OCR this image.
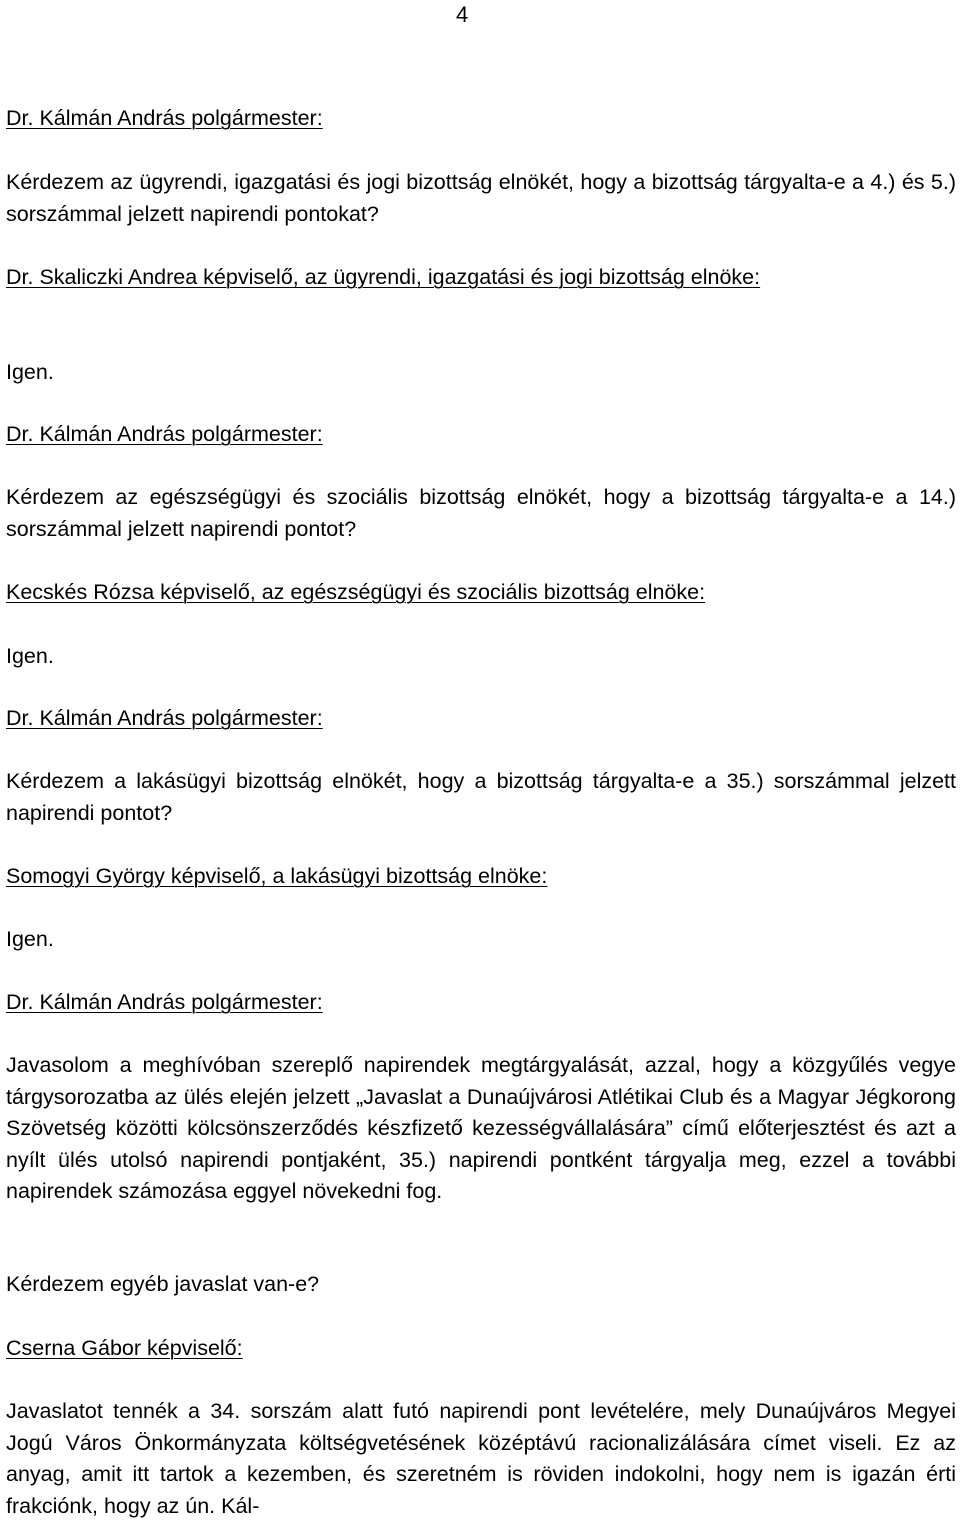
4

Dr. Kálmán András polgármester:

Kérdezem az ügyrendi, igazgatási és jogi bizottság elnökét, hogy a bizottság tárgyalta-e a 4.) és 5.) sorszámmal jelzett napirendi pontokat?

Dr. Skaliczki Andrea képviselő, az ügyrendi, igazgatási és jogi bizottság elnöke:

Igen.

Dr. Kálmán András polgármester:

Kérdezem az egészségügyi és szociális bizottság elnökét, hogy a bizottság tárgyalta-e a 14.) sorszámmal jelzett napirendi pontot?

Kecskés Rózsa képviselő, az egészségügyi és szociális bizottság elnöke:

Igen.

Dr. Kálmán András polgármester:

Kérdezem a lakásügyi bizottság elnökét, hogy a bizottság tárgyalta-e a 35.) sorszámmal jelzett napirendi pontot?

Somogyi György képviselő, a lakásügyi bizottság elnöke:

Igen.

Dr. Kálmán András polgármester:

Javasolom a meghívóban szereplő napirendek megtárgyalását, azzal, hogy a közgyűlés vegye tárgysorozatba az ülés elején jelzett „Javaslat a Dunaújvárosi Atlétikai Club és a Magyar Jégkorong Szövetség közötti kölcsönszerződés készfizető kezességvállalására” című előterjesztést és azt a nyílt ülés utolsó napirendi pontjaként, 35.) napirendi pontként tárgyalja meg, ezzel a további napirendek számozása eggyel növekedni fog.

Kérdezem egyéb javaslat van-e?

Cserna Gábor képviselő:

Javaslatot tennék a 34. sorszám alatt futó napirendi pont levételére, mely Dunaújváros Megyei Jogú Város Önkormányzata költségvetésének középtávú racionalizálására címet viseli. Ez az anyag, amit itt tartok a kezemben, és szeretném is röviden indokolni, hogy nem is igazán érti frakciónk, hogy az ún. Kál-
